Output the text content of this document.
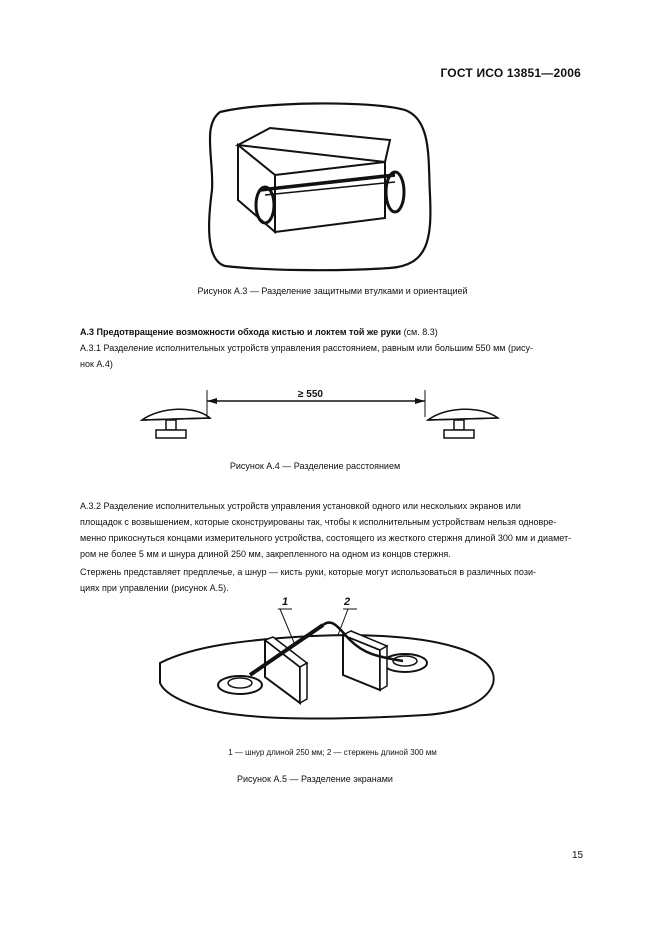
ГОСТ ИСО 13851—2006
Рисунок А.3 — Разделение защитными втулками и ориентацией
А.3 Предотвращение возможности обхода кистью и локтем той же руки (см. 8.3)
А.3.1 Разделение исполнительных устройств управления расстоянием, равным или большим 550 мм (рису-
нок А.4)
≥ 550
Рисунок А.4 — Разделение расстоянием
А.3.2 Разделение исполнительных устройств управления установкой одного или нескольких экранов или
площадок с возвышением, которые сконструированы так, чтобы к исполнительным устройствам нельзя одновре-
менно прикоснуться концами измерительного устройства, состоящего из жесткого стержня длиной 300 мм и диамет-
ром не более 5 мм и шнура длиной 250 мм, закрепленного на одном из концов стержня.
Стержень представляет предплечье, а шнур — кисть руки, которые могут использоваться в различных пози-
циях при управлении (рисунок А.5).
1	2
1 — шнур длиной 250 мм; 2 — стержень длиной 300 мм
Рисунок А.5 — Разделение экранами
15
